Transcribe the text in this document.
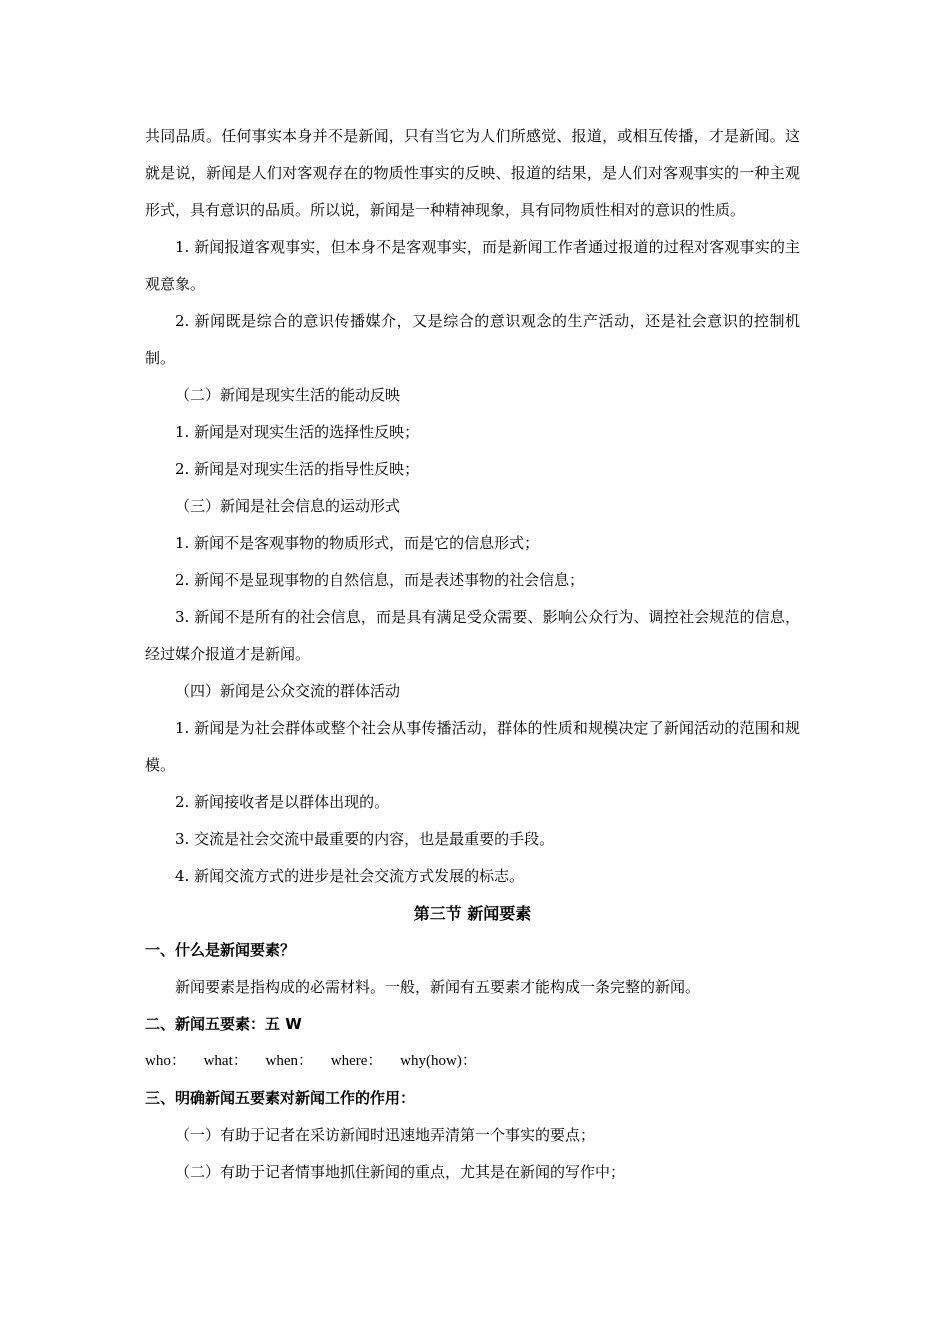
共同品质。任何事实本身并不是新闻，只有当它为人们所感觉、报道，或相互传播，才是新闻。这就是说，新闻是人们对客观存在的物质性事实的反映、报道的结果，是人们对客观事实的一种主观形式，具有意识的品质。所以说，新闻是一种精神现象，具有同物质性相对的意识的性质。

1. 新闻报道客观事实，但本身不是客观事实，而是新闻工作者通过报道的过程对客观事实的主观意象。

2. 新闻既是综合的意识传播媒介，又是综合的意识观念的生产活动，还是社会意识的控制机制。

（二）新闻是现实生活的能动反映

1. 新闻是对现实生活的选择性反映；

2. 新闻是对现实生活的指导性反映；

（三）新闻是社会信息的运动形式

1. 新闻不是客观事物的物质形式，而是它的信息形式；

2. 新闻不是显现事物的自然信息，而是表述事物的社会信息；

3. 新闻不是所有的社会信息，而是具有满足受众需要、影响公众行为、调控社会规范的信息，经过媒介报道才是新闻。

（四）新闻是公众交流的群体活动

1. 新闻是为社会群体或整个社会从事传播活动，群体的性质和规模决定了新闻活动的范围和规模。

2. 新闻接收者是以群体出现的。

3. 交流是社会交流中最重要的内容，也是最重要的手段。

4. 新闻交流方式的进步是社会交流方式发展的标志。

第三节 新闻要素

一、什么是新闻要素？

新闻要素是指构成的必需材料。一般，新闻有五要素才能构成一条完整的新闻。

二、新闻五要素：五 W

who： what： when： where： why(how)：

三、明确新闻五要素对新闻工作的作用：

（一）有助于记者在采访新闻时迅速地弄清第一个事实的要点；

（二）有助于记者情事地抓住新闻的重点，尤其是在新闻的写作中；
